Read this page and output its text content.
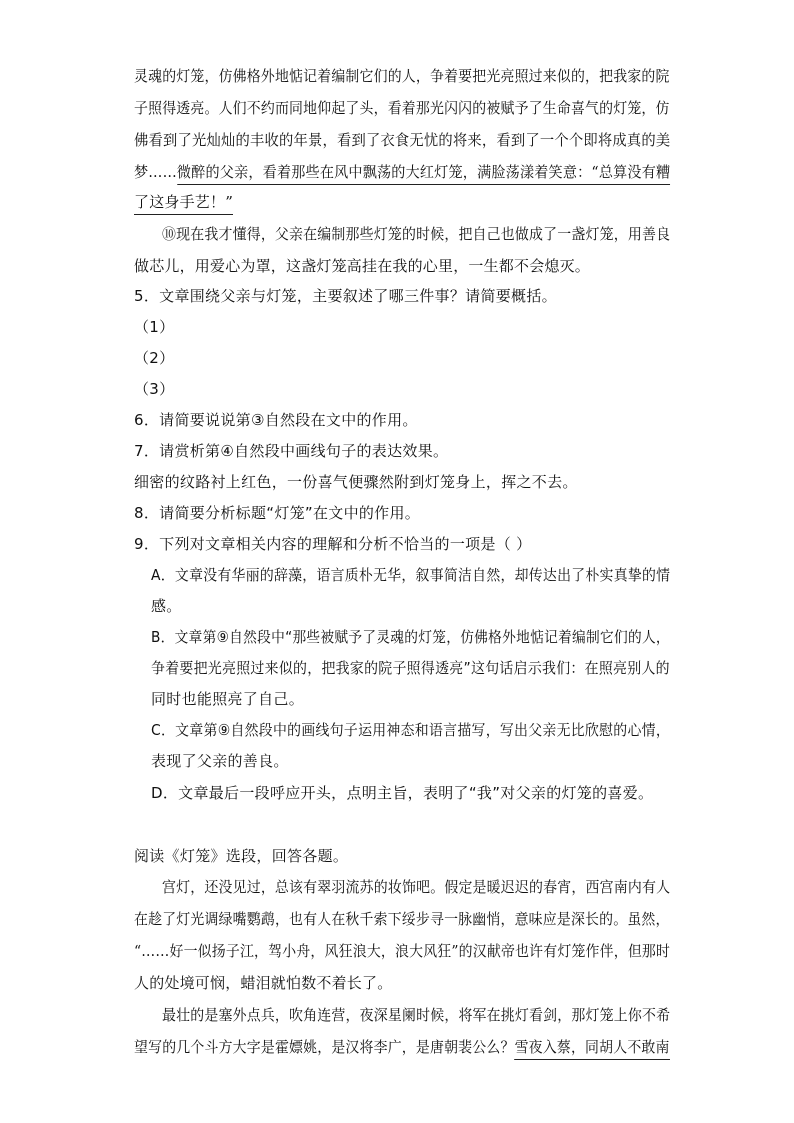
灵魂的灯笼，仿佛格外地惦记着编制它们的人，争着要把光亮照过来似的，把我家的院
子照得透亮。人们不约而同地仰起了头，看着那光闪闪的被赋予了生命喜气的灯笼，仿
佛看到了光灿灿的丰收的年景，看到了衣食无忧的将来，看到了一个个即将成真的美
梦……微醉的父亲，看着那些在风中飘荡的大红灯笼，满脸荡漾着笑意：“总算没有糟
了这身手艺！”
⑩现在我才懂得，父亲在编制那些灯笼的时候，把自己也做成了一盏灯笼，用善良
做芯儿，用爱心为罩，这盏灯笼高挂在我的心里，一生都不会熄灭。
5．文章围绕父亲与灯笼，主要叙述了哪三件事？请简要概括。
（1）
（2）
（3）
6．请简要说说第③自然段在文中的作用。
7．请赏析第④自然段中画线句子的表达效果。
细密的纹路衬上红色，一份喜气便骤然附到灯笼身上，挥之不去。
8．请简要分析标题“灯笼”在文中的作用。
9．下列对文章相关内容的理解和分析不恰当的一项是（ ）
A．文章没有华丽的辞藻，语言质朴无华，叙事简洁自然，却传达出了朴实真挚的情
感。
B．文章第⑨自然段中“那些被赋予了灵魂的灯笼，仿佛格外地惦记着编制它们的人，
争着要把光亮照过来似的，把我家的院子照得透亮”这句话启示我们：在照亮别人的
同时也能照亮了自己。
C．文章第⑨自然段中的画线句子运用神态和语言描写，写出父亲无比欣慰的心情，
表现了父亲的善良。
D．文章最后一段呼应开头，点明主旨，表明了“我”对父亲的灯笼的喜爱。
阅读《灯笼》选段，回答各题。
宫灯，还没见过，总该有翠羽流苏的妆饰吧。假定是暖迟迟的春宵，西宫南内有人
在趁了灯光调绿嘴鹦鹉，也有人在秋千索下绥步寻一脉幽悄，意味应是深长的。虽然，
“……好一似扬子江，驾小舟，风狂浪大，浪大风狂”的汉献帝也许有灯笼作伴，但那时
人的处境可悯，蜡泪就怕数不着长了。
最壮的是塞外点兵，吹角连营，夜深星阑时候，将军在挑灯看剑，那灯笼上你不希
望写的几个斗方大字是霍嫖姚，是汉将李广，是唐朝裴公么？雪夜入蔡，同胡人不敢南
